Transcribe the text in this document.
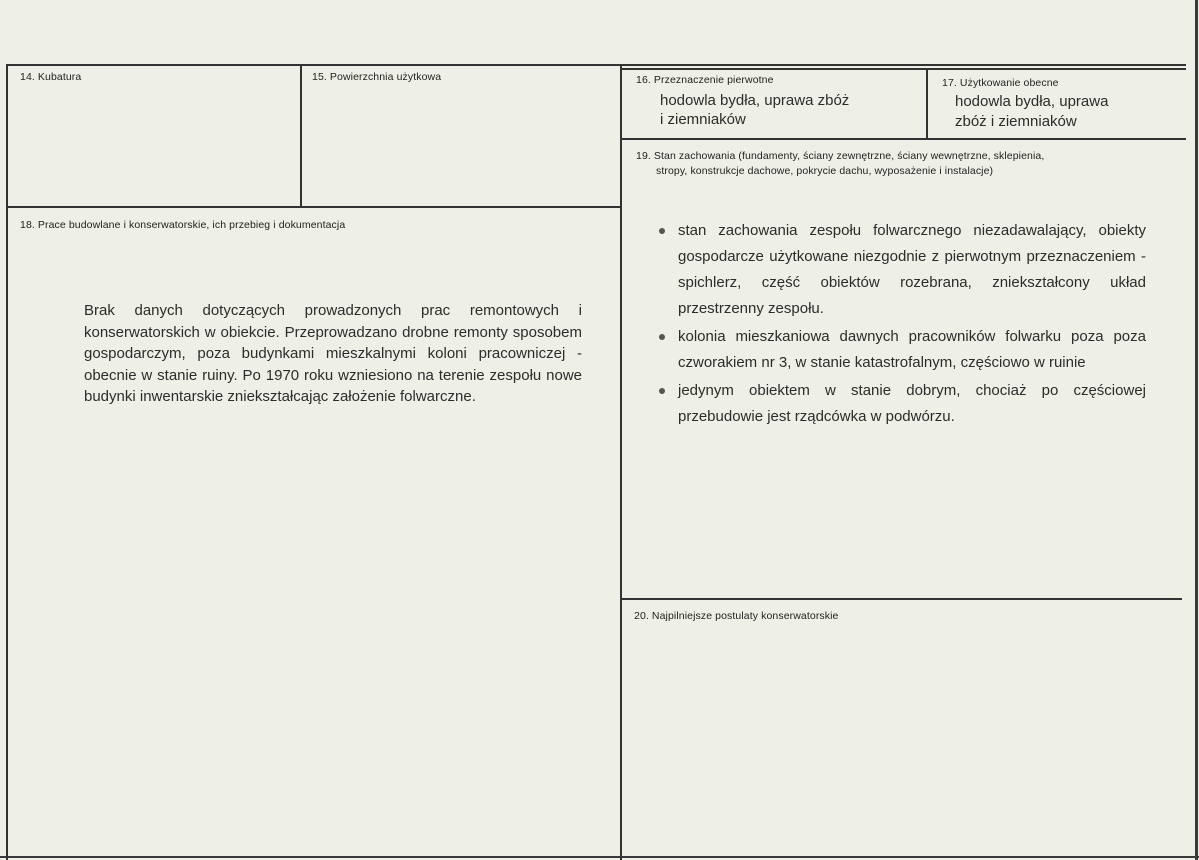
14. Kubatura	15. Powierzchnia użytkowa	16. Przeznaczenie pierwotne
hodowla bydła, uprawa zbóż
i ziemniaków
17. Użytkowanie obecne
hodowla bydła, uprawa
zbóż i ziemniaków
18. Prace budowlane i konserwatorskie, ich przebieg i dokumentacja
Brak danych dotyczących prowadzonych prac remontowych i konserwatorskich w obiekcie. Przeprowadzano drobne remonty sposobem gospodarczym, poza budynkami mieszkalnymi koloni pracowniczej - obecnie w stanie ruiny. Po 1970 roku wzniesiono na terenie zespołu nowe budynki inwentarskie zniekształcając założenie folwarczne.
19. Stan zachowania (fundamenty, ściany zewnętrzne, ściany wewnętrzne, sklepienia,
stropy, konstrukcje dachowe, pokrycie dachu, wyposażenie i instalacje)
stan zachowania zespołu folwarcznego niezadawalający, obiekty gospodarcze użytkowane niezgodnie z pierwotnym przeznaczeniem - spichlerz, część obiektów rozebrana, zniekształcony układ przestrzenny zespołu.
kolonia mieszkaniowa dawnych pracowników folwarku poza poza czworakiem nr 3, w stanie katastrofalnym, częściowo w ruinie
jedynym obiektem w stanie dobrym, chociaż po częściowej przebudowie jest rządcówka w podwórzu.
20. Najpilniejsze postulaty konserwatorskie
